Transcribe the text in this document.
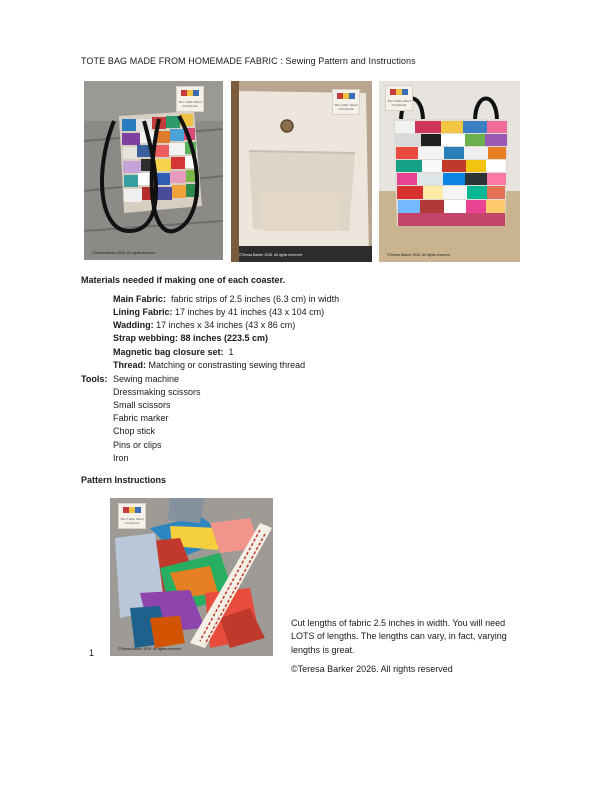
TOTE BAG MADE FROM HOMEMADE FABRIC : Sewing Pattern and Instructions
The Little Shed Creations
©Teresa Barker 2026. All rights reserved
The Little Shed Creations
©Teresa Barker 2026. All rights reserved
The Little Shed Creations
©Teresa Barker 2026. All rights reserved
Materials needed if making one of each coaster.
Main Fabric:  fabric strips of 2.5 inches (6.3 cm) in width
Lining Fabric: 17 inches by 41 inches (43 x 104 cm)
Wadding: 17 inches x 34 inches (43 x 86 cm)
Strap webbing: 88 inches (223.5 cm)
Magnetic bag closure set:  1
Thread: Matching or constrasting sewing thread
Tools: Sewing machine
Dressmaking scissors
Small scissors
Fabric marker
Chop stick
Pins or clips
Iron
Pattern Instructions
The Little Shed Creations
©Teresa Barker 2026. All rights reserved
1
Cut lengths of fabric 2.5 inches in width. You will need LOTS of lengths. The lengths can vary, in fact, varying lengths is great.
©Teresa Barker 2026. All rights reserved
